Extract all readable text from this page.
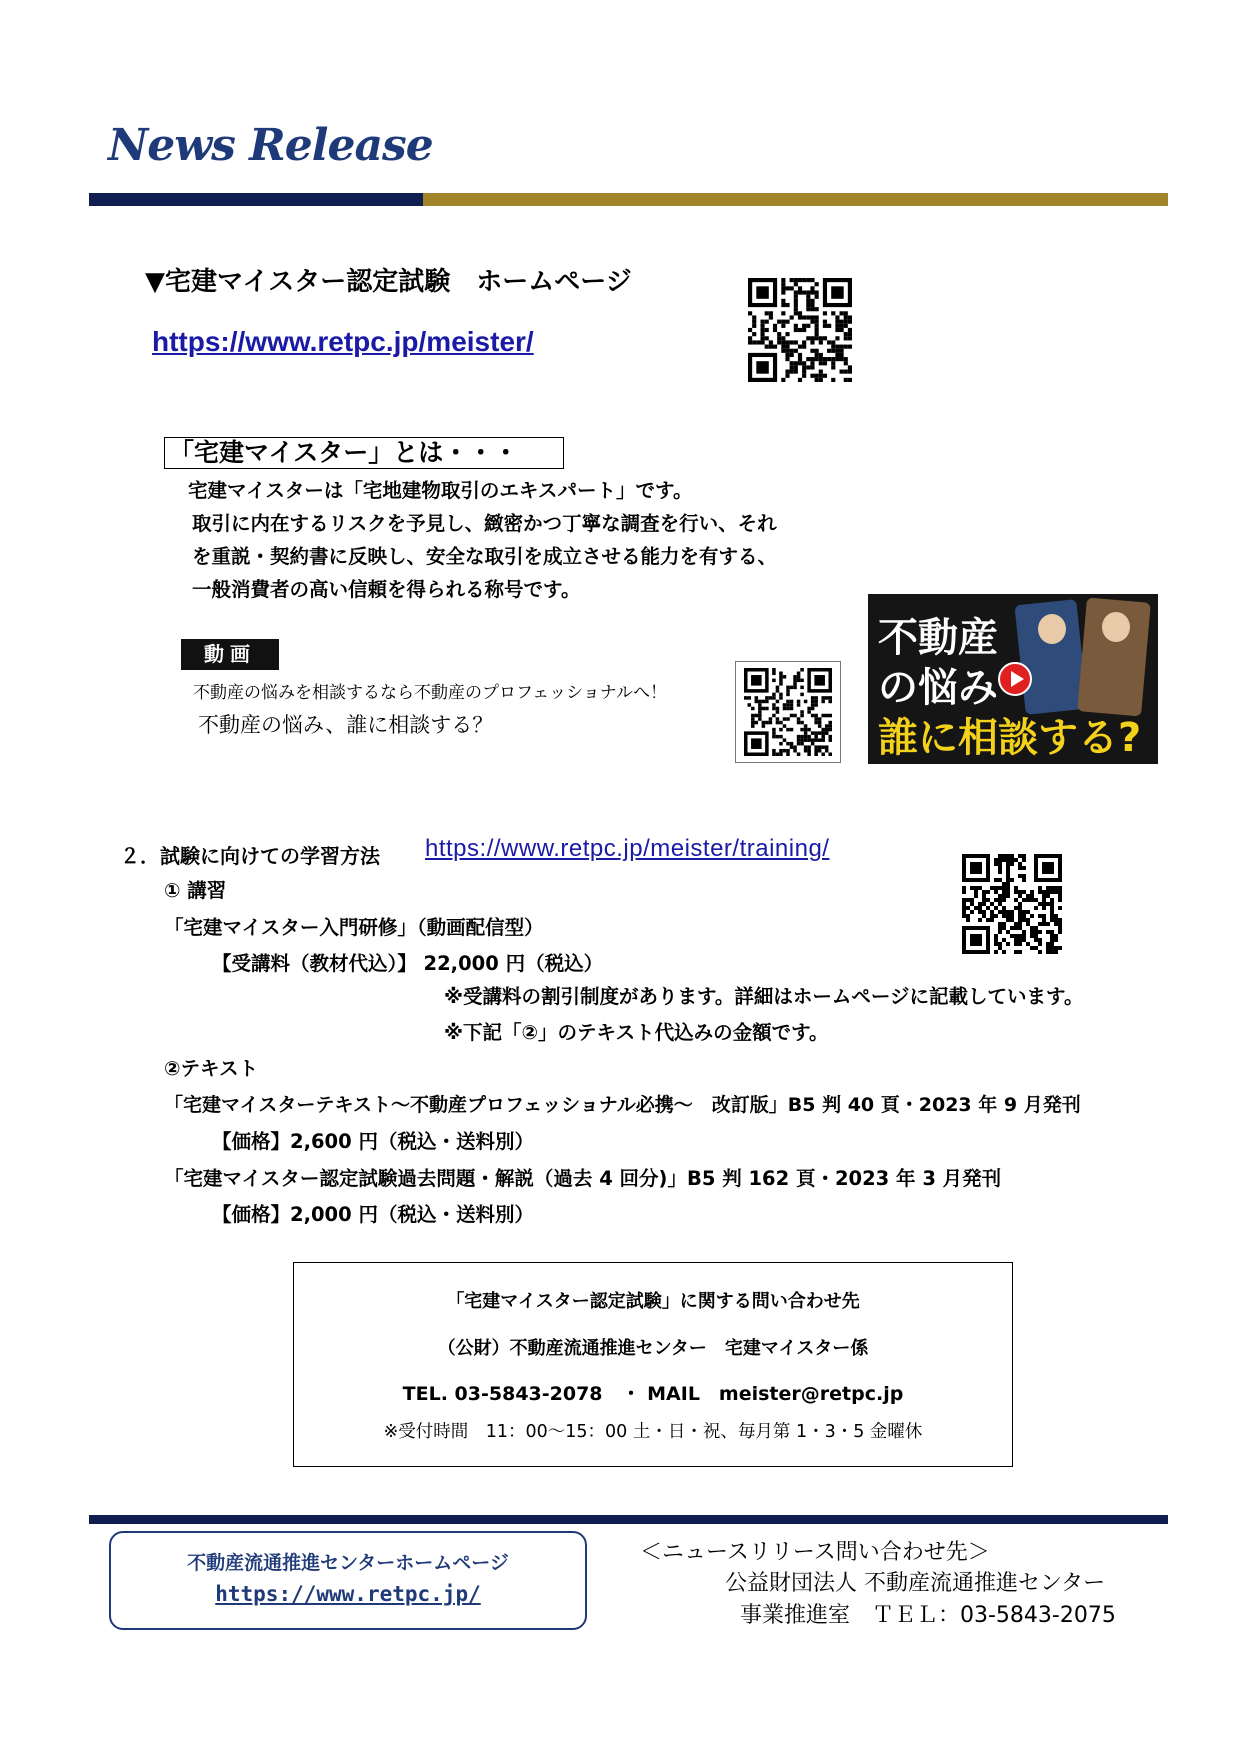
News Release
▼宅建マイスター認定試験　ホームページ
https://www.retpc.jp/meister/
「宅建マイスター」とは・・・
宅建マイスターは「宅地建物取引のエキスパート」です。
取引に内在するリスクを予見し、緻密かつ丁寧な調査を行い、それ
を重説・契約書に反映し、安全な取引を成立させる能力を有する、
一般消費者の高い信頼を得られる称号です。
動画
不動産の悩みを相談するなら不動産のプロフェッショナルへ！
不動産の悩み、誰に相談する？
不動産
の悩み
誰に相談する?
２．試験に向けての学習方法 https://www.retpc.jp/meister/training/
① 講習
「宅建マイスター入門研修」（動画配信型）
【受講料（教材代込）】 22,000 円（税込）
※受講料の割引制度があります。詳細はホームページに記載しています。
※下記「②」のテキスト代込みの金額です。
②テキスト
「宅建マイスターテキスト～不動産プロフェッショナル必携～　改訂版」B5 判 40 頁・2023 年 9 月発刊
【価格】2,600 円（税込・送料別）
「宅建マイスター認定試験過去問題・解説（過去 4 回分)」B5 判 162 頁・2023 年 3 月発刊
【価格】2,000 円（税込・送料別）
「宅建マイスター認定試験」に関する問い合わせ先
（公財）不動産流通推進センター　宅建マイスター係
TEL. 03-5843-2078　・ MAIL　meister@retpc.jp
※受付時間　11：00～15：00 土・日・祝、毎月第 1・3・5 金曜休
不動産流通推進センターホームページ
https://www.retpc.jp/
＜ニュースリリース問い合わせ先＞
公益財団法人 不動産流通推進センター
事業推進室　ＴＥＬ：03-5843-2075
